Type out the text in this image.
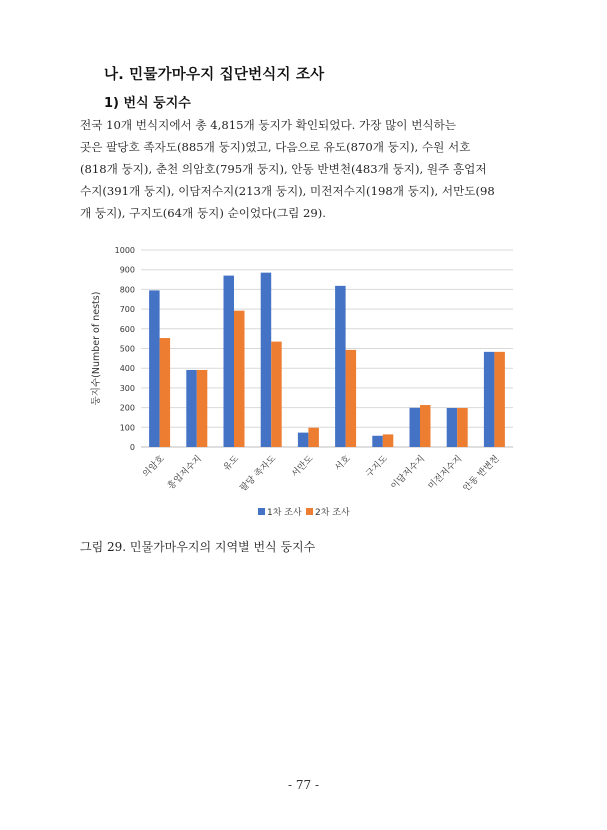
나. 민물가마우지 집단번식지 조사
1) 번식 둥지수
전국 10개 번식지에서 총 4,815개 둥지가 확인되었다. 가장 많이 번식하는
곳은 팔당호 족자도(885개 둥지)였고, 다음으로 유도(870개 둥지), 수원 서호
(818개 둥지), 춘천 의암호(795개 둥지), 안동 반변천(483개 둥지), 원주 흥업저
수지(391개 둥지), 이담저수지(213개 둥지), 미전저수지(198개 둥지), 서만도(98
개 둥지), 구지도(64개 둥지) 순이었다(그림 29).
0
100
200
300
400
500
600
700
800
900
1000
둥지수(Number of nests)
의암호 흥업저수지 유도
팔당 족자도 서만도 서호 구지도 이담저수지 미전저수지
안동 반변천
1차 조사 2차 조사
그림 29. 민물가마우지의 지역별 번식 둥지수
- 77 -
